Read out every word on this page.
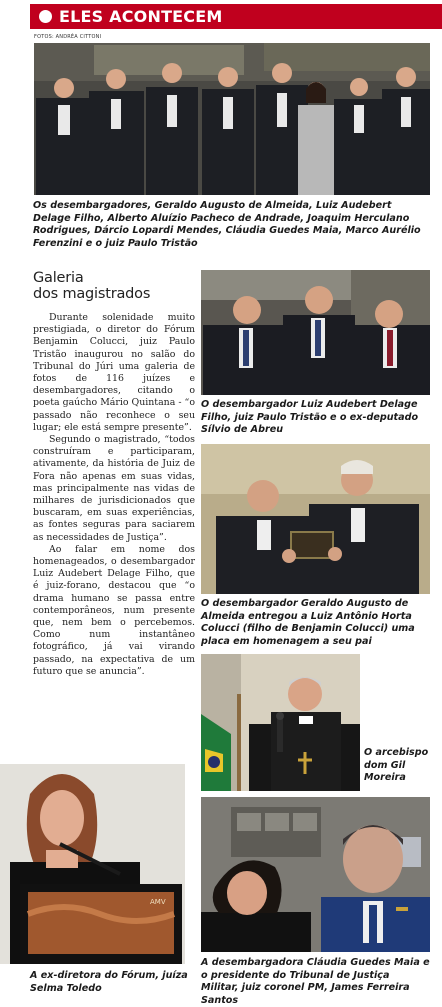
ELES ACONTECEM
FOTOS: ANDRÉA CITTONI
Os desembargadores, Geraldo Augusto de Almeida, Luiz Audebert Delage Filho, Alberto Aluízio Pacheco de Andrade, Joaquim Herculano Rodrigues, Dárcio Lopardi Mendes, Cláudia Guedes Maia, Marco Aurélio Ferenzini e o juiz Paulo Tristão
Galeria
dos magistrados

Durante solenidade muito prestigiada, o diretor do Fórum Benjamin Colucci, juiz Paulo Tristão inaugurou no salão do Tribunal do Júri uma galeria de fotos de 116 juízes e desembargadores, citando o poeta gaúcho Mário Quintana - “o passado não reconhece o seu lugar; ele está sempre presente”.

Segundo o magistrado, “todos construíram e participaram, ativamente, da história de Juiz de Fora não apenas em suas vidas, mas principalmente nas vidas de milhares de jurisdicionados que buscaram, em suas experiências, as fontes seguras para saciarem as necessidades de Justiça”.

Ao falar em nome dos homenageados, o desembargador Luiz Audebert Delage Filho, que é juiz-forano, destacou que “o drama humano se passa entre contemporâneos, num presente que, nem bem o percebemos. Como num instantâneo fotográfico, já vai virando passado, na expectativa de um futuro que se anuncia”.

O desembargador Luiz Audebert Delage Filho, juiz Paulo Tristão e o ex-deputado Sílvio de Abreu
O desembargador Geraldo Augusto de Almeida entregou a Luiz Antônio Horta Colucci (filho de Benjamin Colucci) uma placa em homenagem a seu pai
O arcebispo dom Gil Moreira
AMV
A ex-diretora do Fórum, juíza Selma Toledo
A desembargadora Cláudia Guedes Maia e o presidente do Tribunal de Justiça Militar, juiz coronel PM, James Ferreira Santos
